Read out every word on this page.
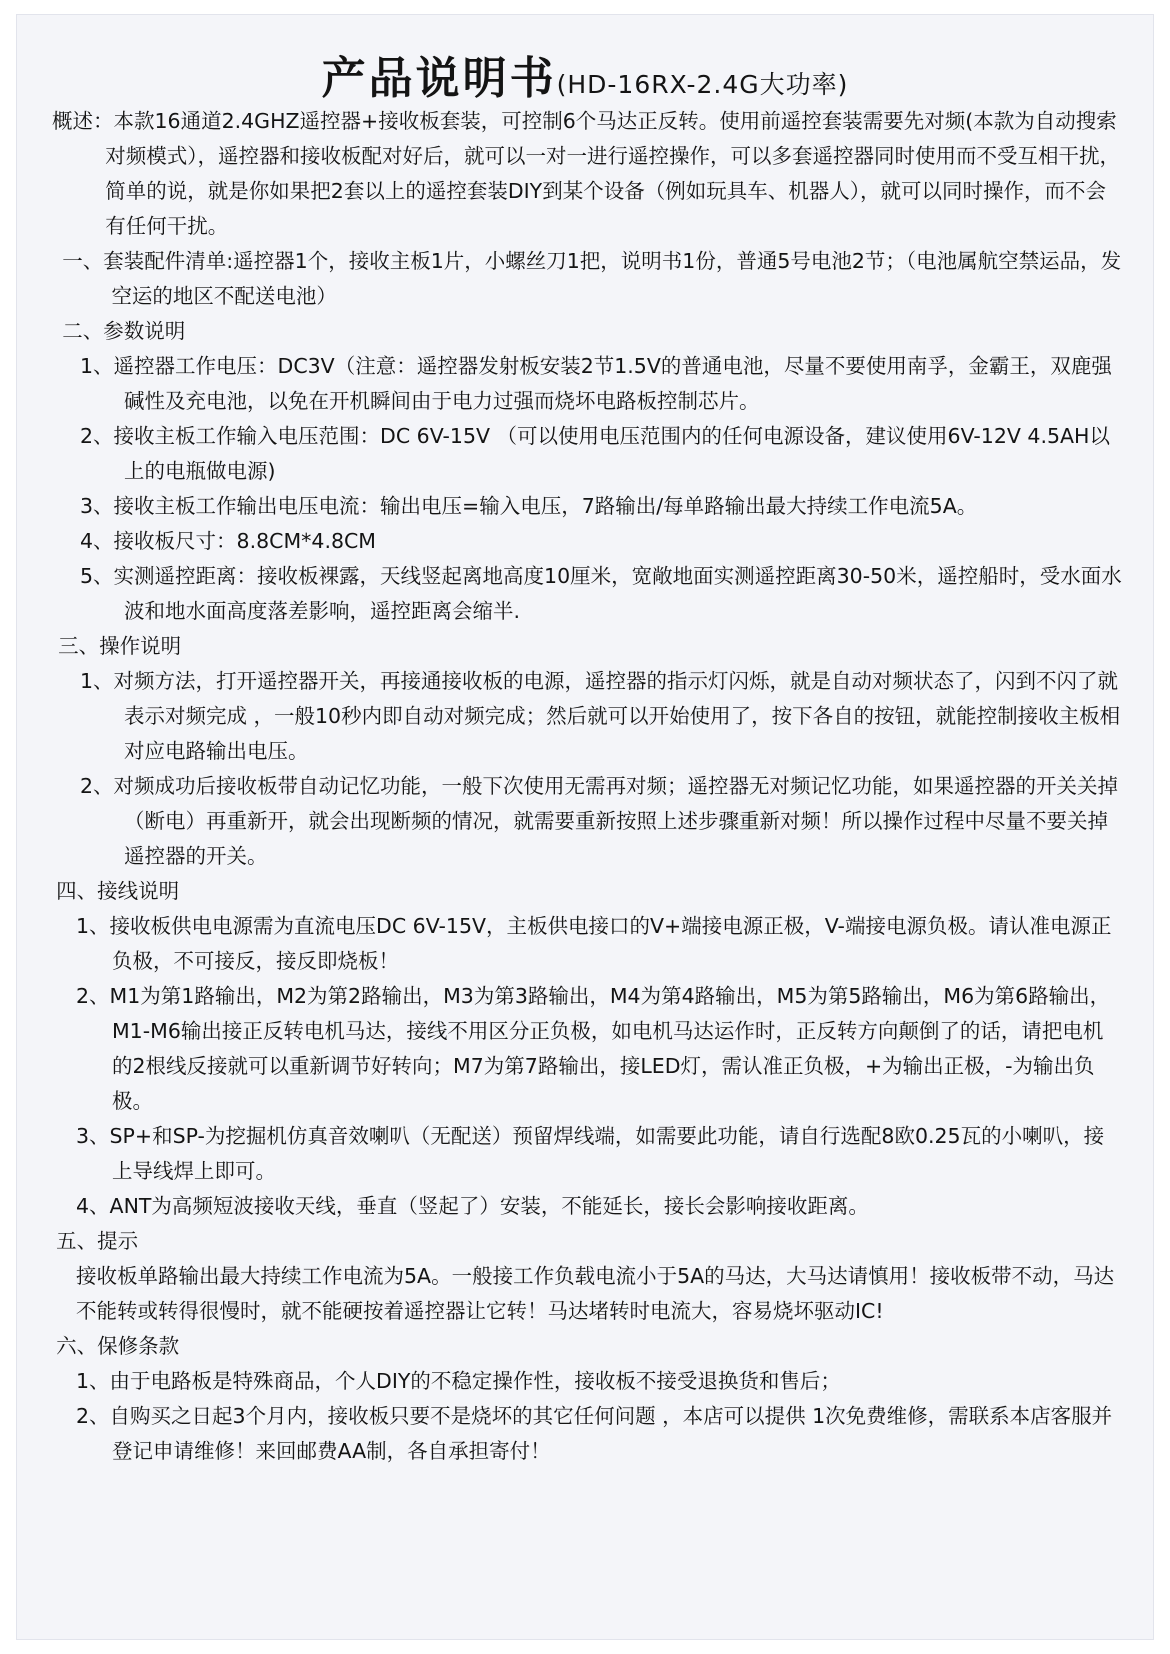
产品说明书(HD-16RX-2.4G大功率)

概述：本款16通道2.4GHZ遥控器+接收板套装，可控制6个马达正反转。使用前遥控套装需要先对频(本款为自动搜索对频模式），遥控器和接收板配对好后，就可以一对一进行遥控操作，可以多套遥控器同时使用而不受互相干扰，简单的说，就是你如果把2套以上的遥控套装DIY到某个设备（例如玩具车、机器人），就可以同时操作，而不会有任何干扰。

一、套装配件清单:遥控器1个，接收主板1片，小螺丝刀1把，说明书1份，普通5号电池2节；（电池属航空禁运品，发空运的地区不配送电池）

二、参数说明

1、遥控器工作电压：DC3V（注意：遥控器发射板安装2节1.5V的普通电池，尽量不要使用南孚，金霸王，双鹿强碱性及充电池，以免在开机瞬间由于电力过强而烧坏电路板控制芯片。

2、接收主板工作输入电压范围：DC 6V-15V （可以使用电压范围内的任何电源设备，建议使用6V-12V 4.5AH以上的电瓶做电源)

3、接收主板工作输出电压电流：输出电压=输入电压，7路输出/每单路输出最大持续工作电流5A。

4、接收板尺寸：8.8CM*4.8CM

5、实测遥控距离：接收板裸露，天线竖起离地高度10厘米，宽敞地面实测遥控距离30-50米，遥控船时，受水面水波和地水面高度落差影响，遥控距离会缩半.

三、操作说明

1、对频方法，打开遥控器开关，再接通接收板的电源，遥控器的指示灯闪烁，就是自动对频状态了，闪到不闪了就表示对频完成 ，一般10秒内即自动对频完成；然后就可以开始使用了，按下各自的按钮，就能控制接收主板相对应电路输出电压。

2、对频成功后接收板带自动记忆功能，一般下次使用无需再对频；遥控器无对频记忆功能，如果遥控器的开关关掉（断电）再重新开，就会出现断频的情况，就需要重新按照上述步骤重新对频！所以操作过程中尽量不要关掉遥控器的开关。

四、接线说明

1、接收板供电电源需为直流电压DC 6V-15V，主板供电接口的V+端接电源正极，V-端接电源负极。请认准电源正负极，不可接反，接反即烧板！

2、M1为第1路输出，M2为第2路输出，M3为第3路输出，M4为第4路输出，M5为第5路输出，M6为第6路输出，M1-M6输出接正反转电机马达，接线不用区分正负极，如电机马达运作时，正反转方向颠倒了的话，请把电机的2根线反接就可以重新调节好转向；M7为第7路输出，接LED灯，需认准正负极，+为输出正极，-为输出负极。

3、SP+和SP-为挖掘机仿真音效喇叭（无配送）预留焊线端，如需要此功能，请自行选配8欧0.25瓦的小喇叭，接上导线焊上即可。

4、ANT为高频短波接收天线，垂直（竖起了）安装，不能延长，接长会影响接收距离。

五、提示

接收板单路输出最大持续工作电流为5A。一般接工作负载电流小于5A的马达，大马达请慎用！接收板带不动，马达不能转或转得很慢时，就不能硬按着遥控器让它转！马达堵转时电流大，容易烧坏驱动IC!

六、保修条款

1、由于电路板是特殊商品，个人DIY的不稳定操作性，接收板不接受退换货和售后；

2、自购买之日起3个月内，接收板只要不是烧坏的其它任何问题 ，本店可以提供 1次免费维修，需联系本店客服并登记申请维修！来回邮费AA制，各自承担寄付！
